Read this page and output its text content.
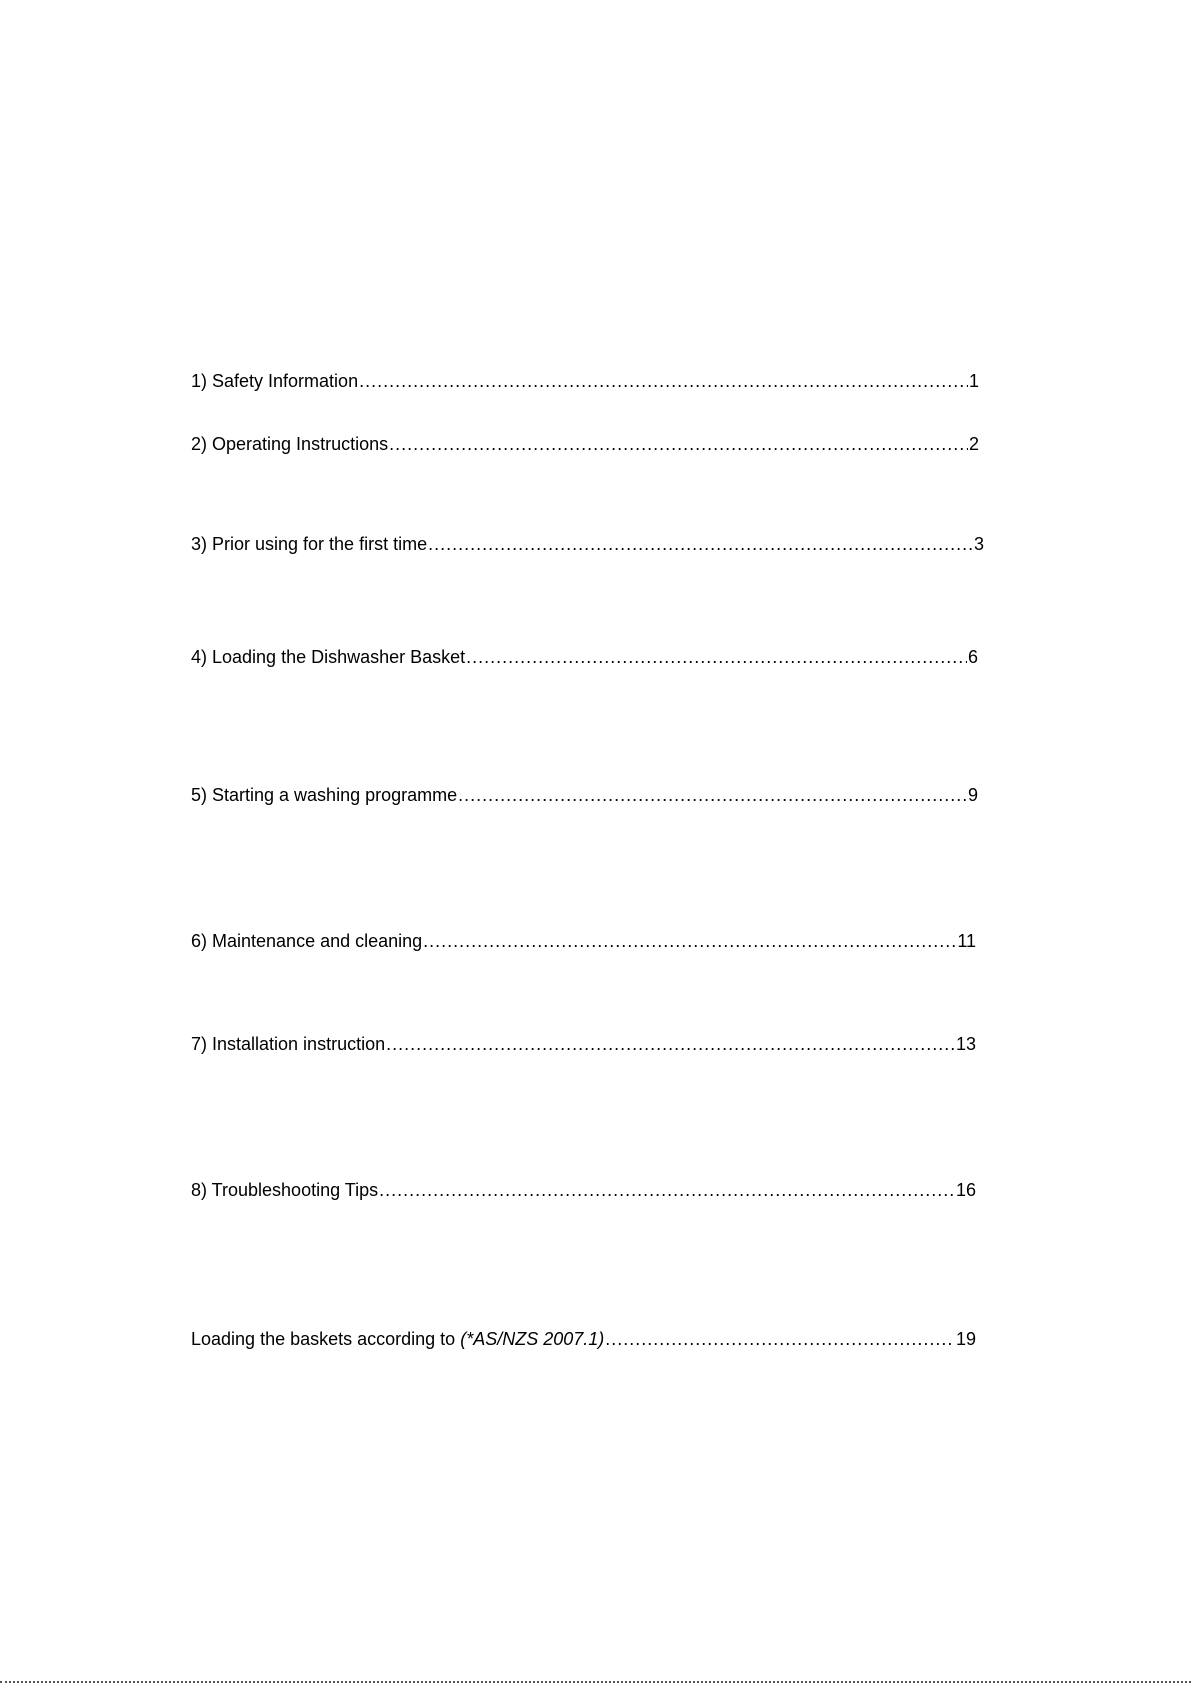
1) Safety Information .....	1
2) Operating Instructions .....	2
3) Prior using for the first time .....	3
4) Loading the Dishwasher Basket .....	6
5) Starting a washing programme .....	9
6) Maintenance and cleaning .....	11
7) Installation instruction .....	13
8) Troubleshooting Tips .....	16
Loading the baskets according to (*AS/NZS 2007.1) .....	19
